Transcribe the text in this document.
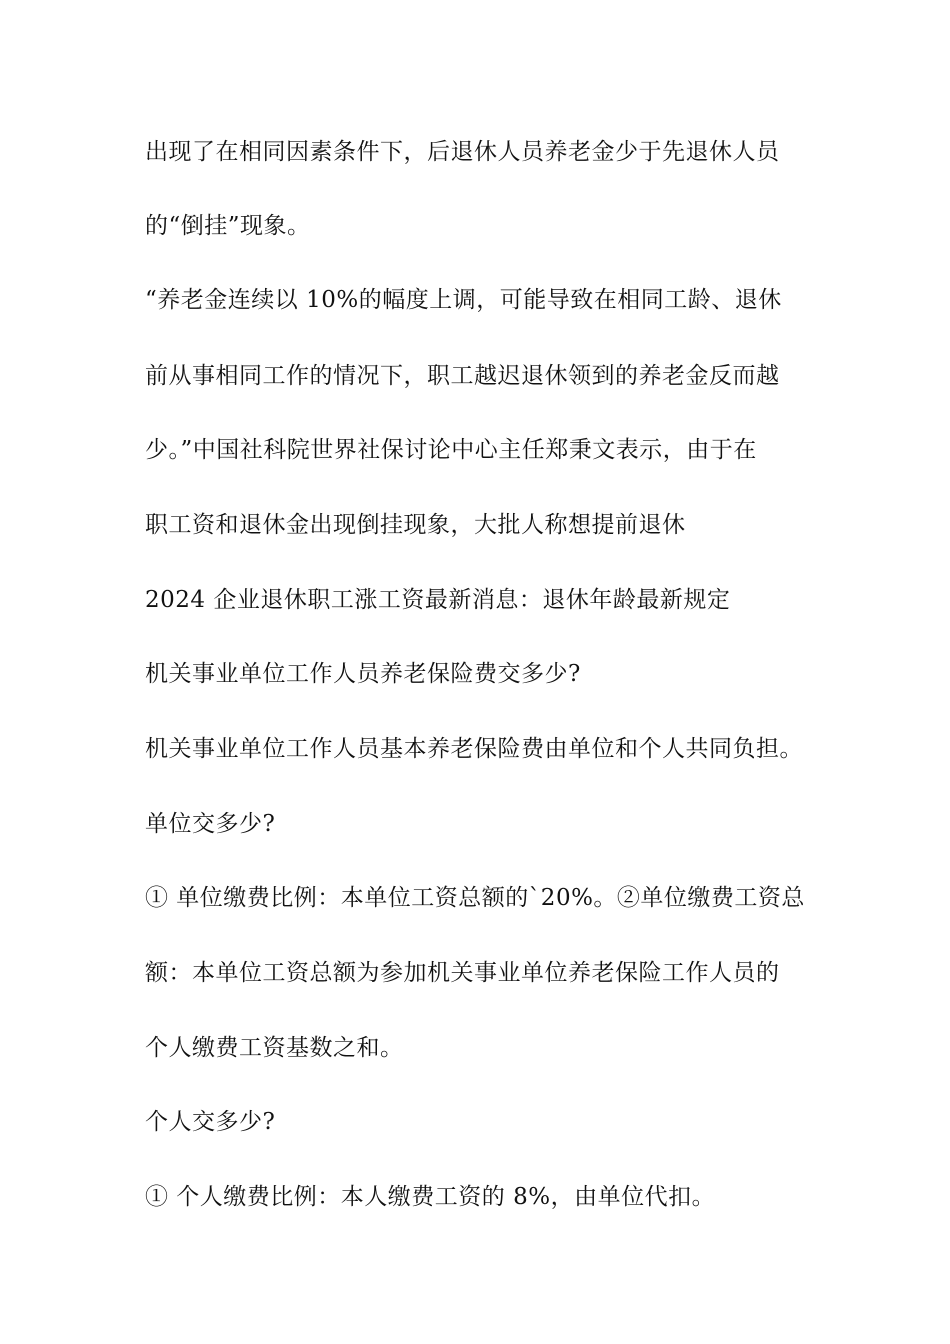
出现了在相同因素条件下，后退休人员养老金少于先退休人员
的“倒挂”现象。
“养老金连续以 10%的幅度上调，可能导致在相同工龄、退休
前从事相同工作的情况下，职工越迟退休领到的养老金反而越
少。”中国社科院世界社保讨论中心主任郑秉文表示，由于在
职工资和退休金出现倒挂现象，大批人称想提前退休
2024 企业退休职工涨工资最新消息：退休年龄最新规定
机关事业单位工作人员养老保险费交多少?
机关事业单位工作人员基本养老保险费由单位和个人共同负担。
单位交多少?
① 单位缴费比例：本单位工资总额的`20%。②单位缴费工资总
额：本单位工资总额为参加机关事业单位养老保险工作人员的
个人缴费工资基数之和。
个人交多少?
① 个人缴费比例：本人缴费工资的 8%，由单位代扣。
